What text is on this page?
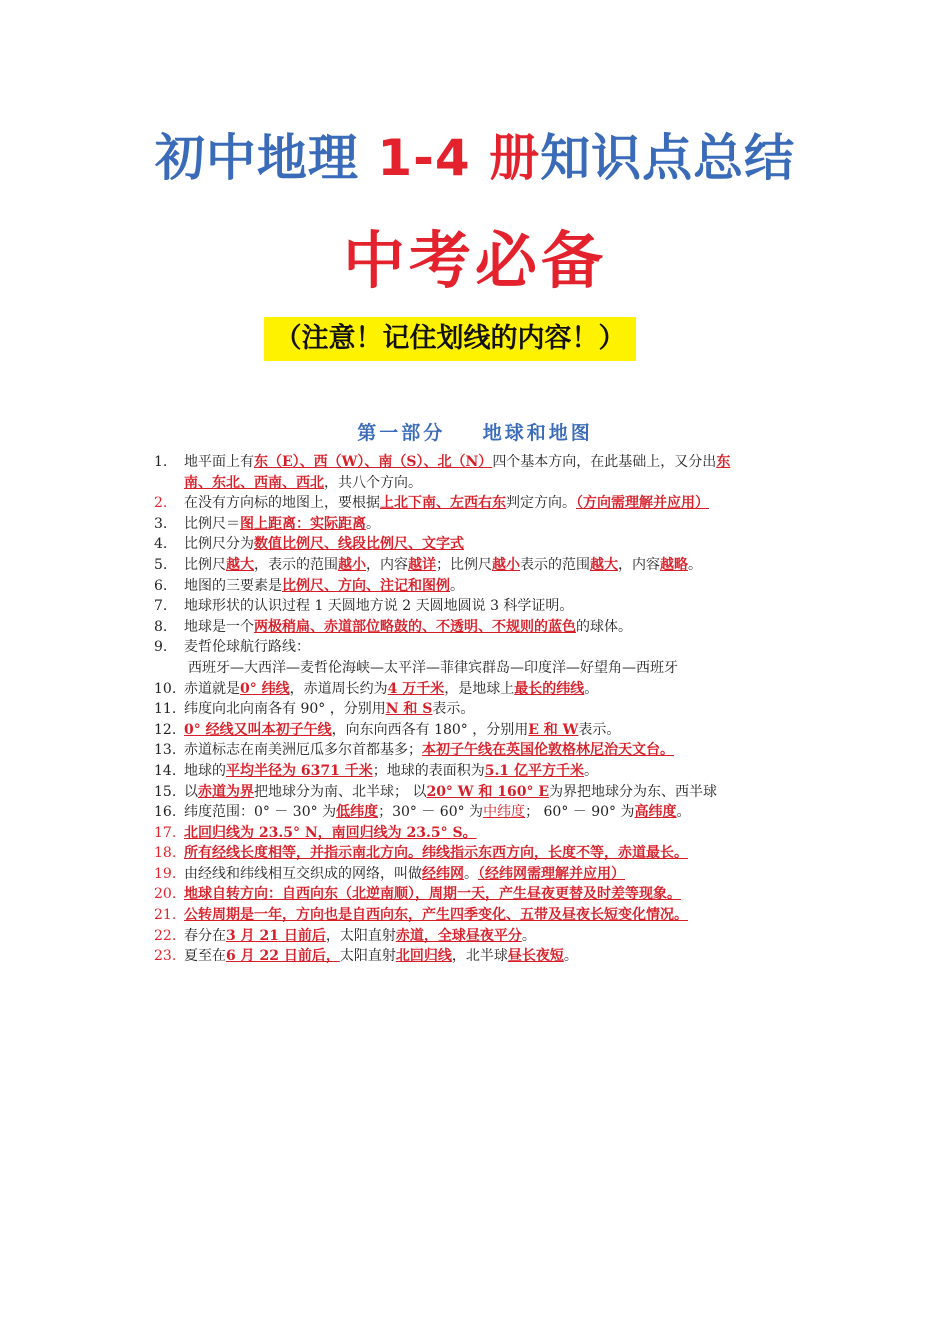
初中地理 1-4 册知识点总结
中考必备
（注意！记住划线的内容！）
第一部分 地球和地图
1. 地平面上有东（E）、西（W）、南（S）、北（N）四个基本方向，在此基础上，又分出东南、东北、西南、西北，共八个方向。
2. 在没有方向标的地图上，要根据上北下南、左西右东判定方向。（方向需理解并应用）
3. 比例尺＝图上距离：实际距离。
4. 比例尺分为数值比例尺、线段比例尺、文字式
5. 比例尺越大，表示的范围越小，内容越详；比例尺越小表示的范围越大，内容越略。
6. 地图的三要素是比例尺、方向、注记和图例。
7. 地球形状的认识过程 1 天圆地方说 2 天圆地圆说 3 科学证明。
8. 地球是一个两极稍扁、赤道部位略鼓的、不透明、不规则的蓝色的球体。
9. 麦哲伦球航行路线：
西班牙—大西洋—麦哲伦海峡—太平洋—菲律宾群岛—印度洋—好望角—西班牙
10. 赤道就是0° 纬线，赤道周长约为4 万千米，是地球上最长的纬线。
11. 纬度向北向南各有 90° ，分别用N 和 S表示。
12. 0° 经线又叫本初子午线，向东向西各有 180° ，分别用E 和 W表示。
13. 赤道标志在南美洲厄瓜多尔首都基多；本初子午线在英国伦敦格林尼治天文台。
14. 地球的平均半径为 6371 千米；地球的表面积为5.1 亿平方千米。
15. 以赤道为界把地球分为南、北半球； 以20° W 和 160° E为界把地球分为东、西半球
16. 纬度范围：0° － 30° 为低纬度；30° － 60° 为中纬度； 60° － 90° 为高纬度。
17. 北回归线为 23.5° N，南回归线为 23.5° S。
18. 所有经线长度相等，并指示南北方向。纬线指示东西方向，长度不等，赤道最长。
19. 由经线和纬线相互交织成的网络，叫做经纬网。（经纬网需理解并应用）
20. 地球自转方向：自西向东（北逆南顺），周期一天，产生昼夜更替及时差等现象。
21. 公转周期是一年，方向也是自西向东，产生四季变化、五带及昼夜长短变化情况。
22. 春分在3 月 21 日前后，太阳直射赤道，全球昼夜平分。
23. 夏至在6 月 22 日前后，太阳直射北回归线，北半球昼长夜短。
